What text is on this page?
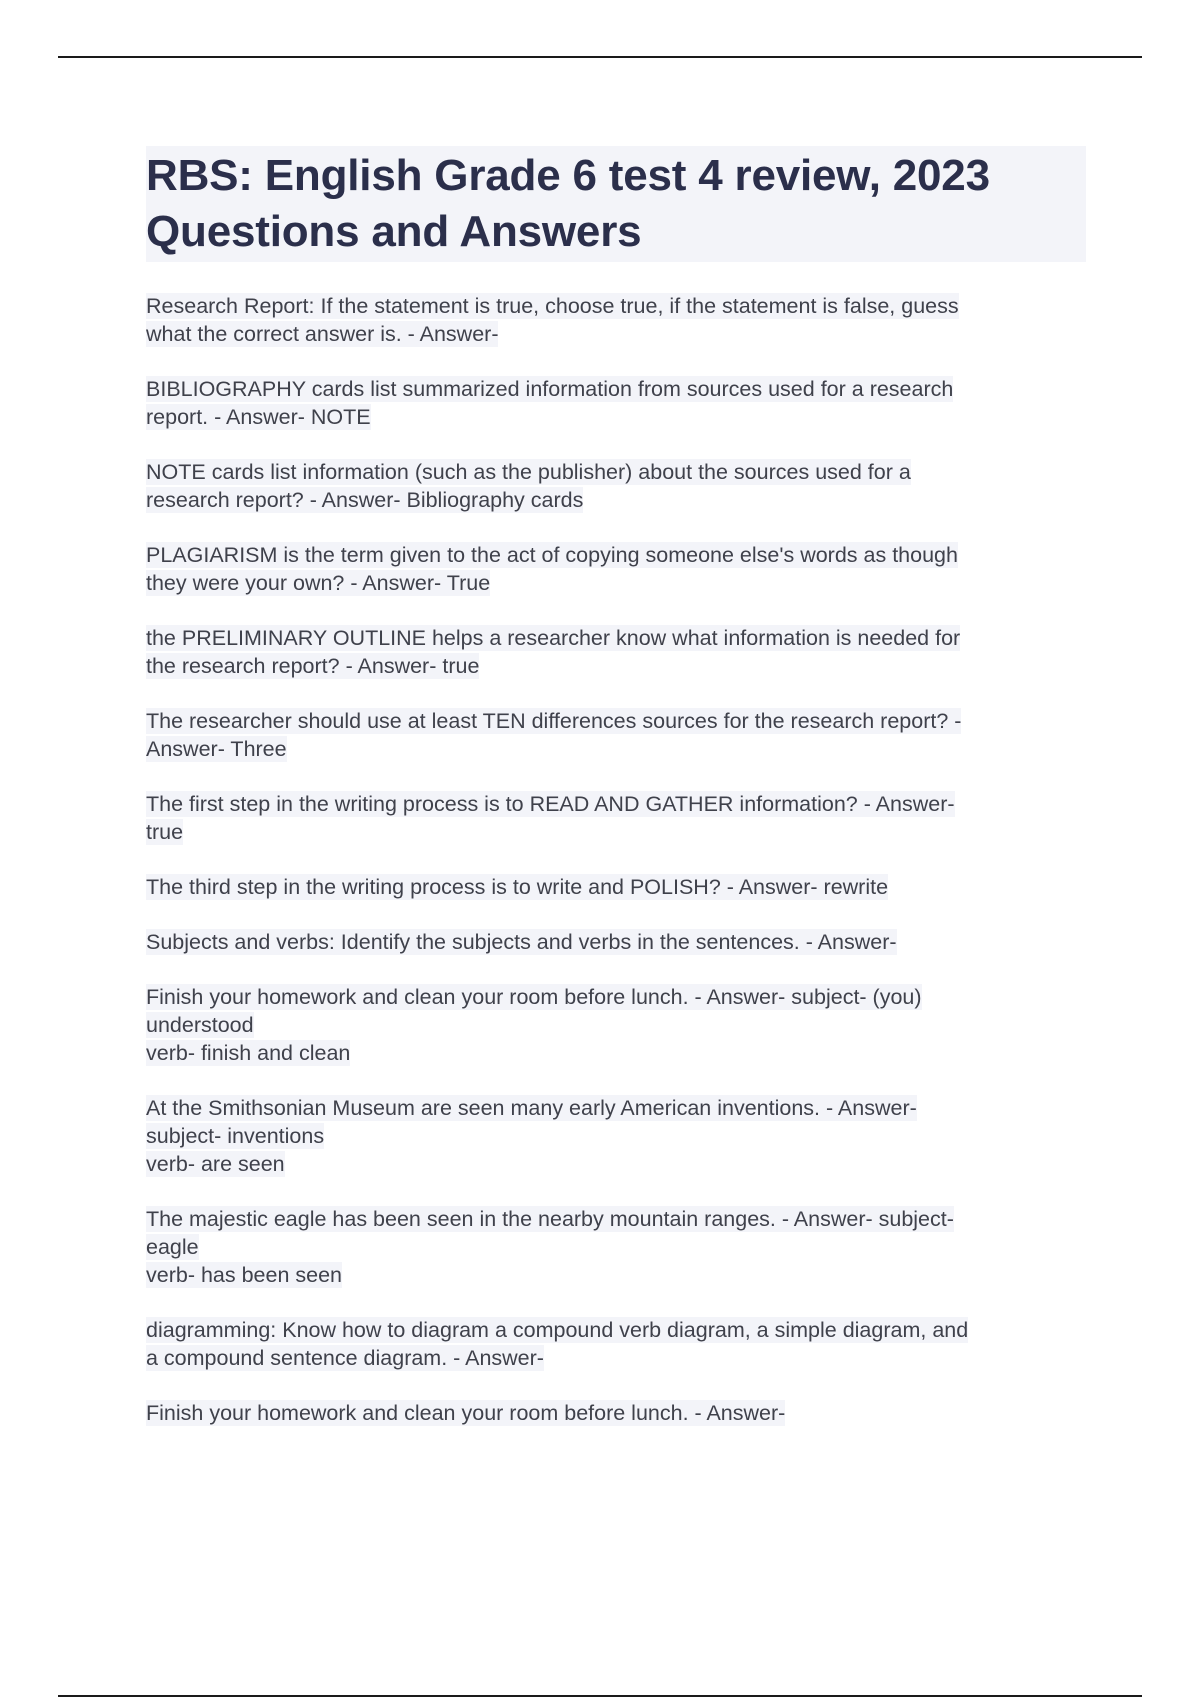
RBS: English Grade 6 test 4 review, 2023
Questions and Answers

Research Report: If the statement is true, choose true, if the statement is false, guess
what the correct answer is. - Answer-

BIBLIOGRAPHY cards list summarized information from sources used for a research
report. - Answer- NOTE

NOTE cards list information (such as the publisher) about the sources used for a
research report? - Answer- Bibliography cards

PLAGIARISM is the term given to the act of copying someone else's words as though
they were your own? - Answer- True

the PRELIMINARY OUTLINE helps a researcher know what information is needed for
the research report? - Answer- true

The researcher should use at least TEN differences sources for the research report? -
Answer- Three

The first step in the writing process is to READ AND GATHER information? - Answer-
true

The third step in the writing process is to write and POLISH? - Answer- rewrite

Subjects and verbs: Identify the subjects and verbs in the sentences. - Answer-

Finish your homework and clean your room before lunch. - Answer- subject- (you)
understood
verb- finish and clean

At the Smithsonian Museum are seen many early American inventions. - Answer-
subject- inventions
verb- are seen

The majestic eagle has been seen in the nearby mountain ranges. - Answer- subject-
eagle
verb- has been seen

diagramming: Know how to diagram a compound verb diagram, a simple diagram, and
a compound sentence diagram. - Answer-

Finish your homework and clean your room before lunch. - Answer-
